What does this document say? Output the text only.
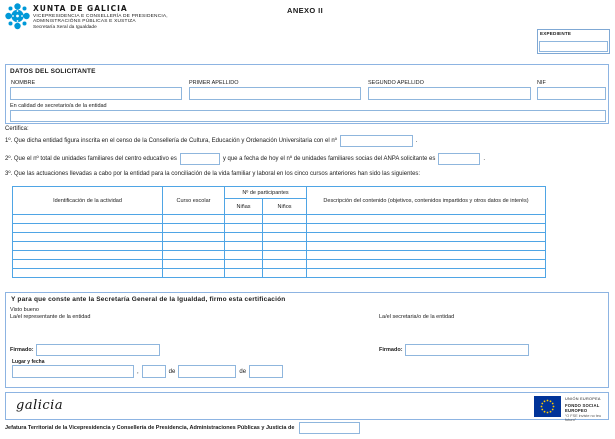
XUNTA DE GALICIA
VICEPRESIDENCIA E CONSELLERÍA DE PRESIDENCIA,
ADMINISTRACIÓNS PÚBLICAS E XUSTIZA
Secretaría Xeral da Igualdade
ANEXO II
EXPEDIENTE
DATOS DEL SOLICITANTE
NOMBRE	PRIMER APELLIDO	SEGUNDO APELLIDO	NIF
En calidad de secretario/a de la entidad
Certifica:
1º. Que dicha entidad figura inscrita en el censo de la Consellería de Cultura, Educación y Ordenación Universitaria con el nº	.
2º. Que el nº total de unidades familiares del centro educativo es	y que a fecha de hoy el nº de unidades familiares socias del ANPA solicitante es	.
3º. Que las actuaciones llevadas a cabo por la entidad para la conciliación de la vida familiar y laboral en los cinco cursos anteriores han sido las siguientes:
Identificación de la actividad	Curso escolar	Nº de participantes		Descripción del contenido (objetivos, contenidos impartidos y otros datos de interés)
		Niñas	Niños	

Y para que conste ante la Secretaría General de la Igualdad, firmo esta certificación
Visto bueno
La/el representante de la entidad	La/el secretaria/o de la entidad
Firmado:	Firmado:
Lugar y fecha
,	de	de
galicia	UNIÓN EUROPEA
FONDO SOCIAL EUROPEO
“O FSE inviste no teu futuro”
Jefatura Territorial de la Vicepresidencia y Consellería de Presidencia, Administraciones Públicas y Justicia de
